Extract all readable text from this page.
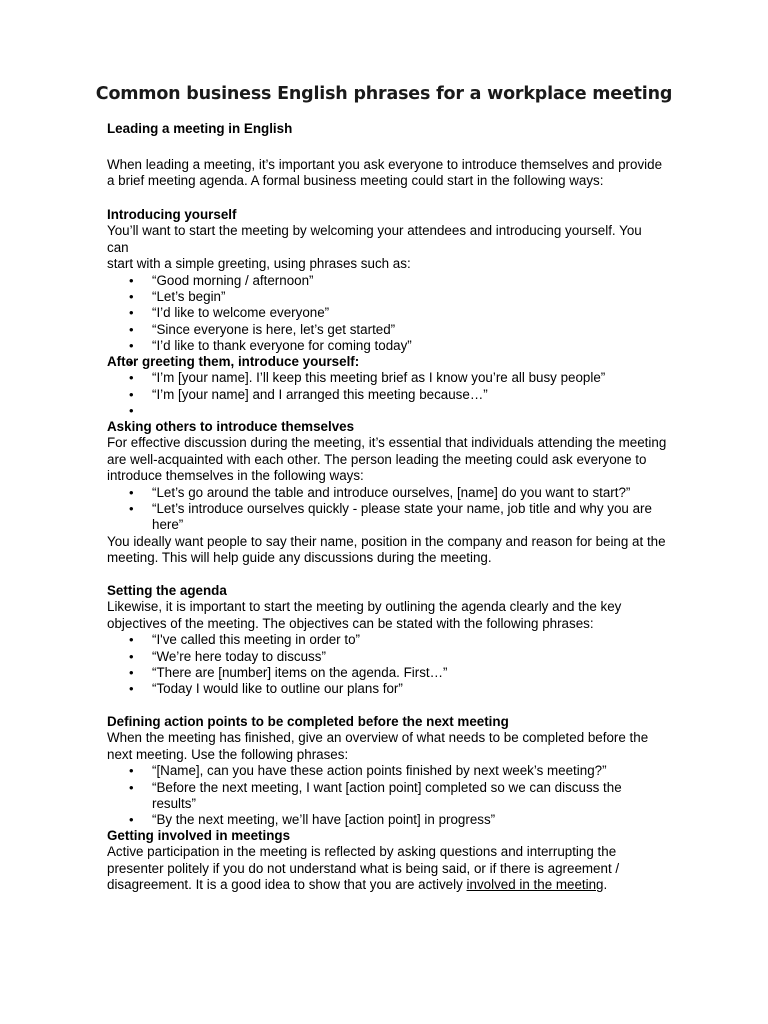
Common business English phrases for a workplace meeting
Leading a meeting in English
When leading a meeting, it’s important you ask everyone to introduce themselves and provide
a brief meeting agenda. A formal business meeting could start in the following ways:
Introducing yourself
You’ll want to start the meeting by welcoming your attendees and introducing yourself. You can
start with a simple greeting, using phrases such as:
• “Good morning / afternoon”
• “Let’s begin”
• “I’d like to welcome everyone”
• “Since everyone is here, let’s get started”
• “I’d like to thank everyone for coming today”
•
After greeting them, introduce yourself:
• “I’m [your name]. I’ll keep this meeting brief as I know you’re all busy people”
• “I’m [your name] and I arranged this meeting because…”
•
Asking others to introduce themselves
For effective discussion during the meeting, it’s essential that individuals attending the meeting
are well-acquainted with each other. The person leading the meeting could ask everyone to
introduce themselves in the following ways:
• “Let’s go around the table and introduce ourselves, [name] do you want to start?”
• “Let’s introduce ourselves quickly - please state your name, job title and why you are
here”
You ideally want people to say their name, position in the company and reason for being at the
meeting. This will help guide any discussions during the meeting.
Setting the agenda
Likewise, it is important to start the meeting by outlining the agenda clearly and the key
objectives of the meeting. The objectives can be stated with the following phrases:
• “I've called this meeting in order to”
• “We’re here today to discuss”
• “There are [number] items on the agenda. First…”
• “Today I would like to outline our plans for”
Defining action points to be completed before the next meeting
When the meeting has finished, give an overview of what needs to be completed before the
next meeting. Use the following phrases:
• “[Name], can you have these action points finished by next week’s meeting?”
• “Before the next meeting, I want [action point] completed so we can discuss the results”
• “By the next meeting, we’ll have [action point] in progress”
Getting involved in meetings
Active participation in the meeting is reflected by asking questions and interrupting the
presenter politely if you do not understand what is being said, or if there is agreement /
disagreement. It is a good idea to show that you are actively involved in the meeting.
